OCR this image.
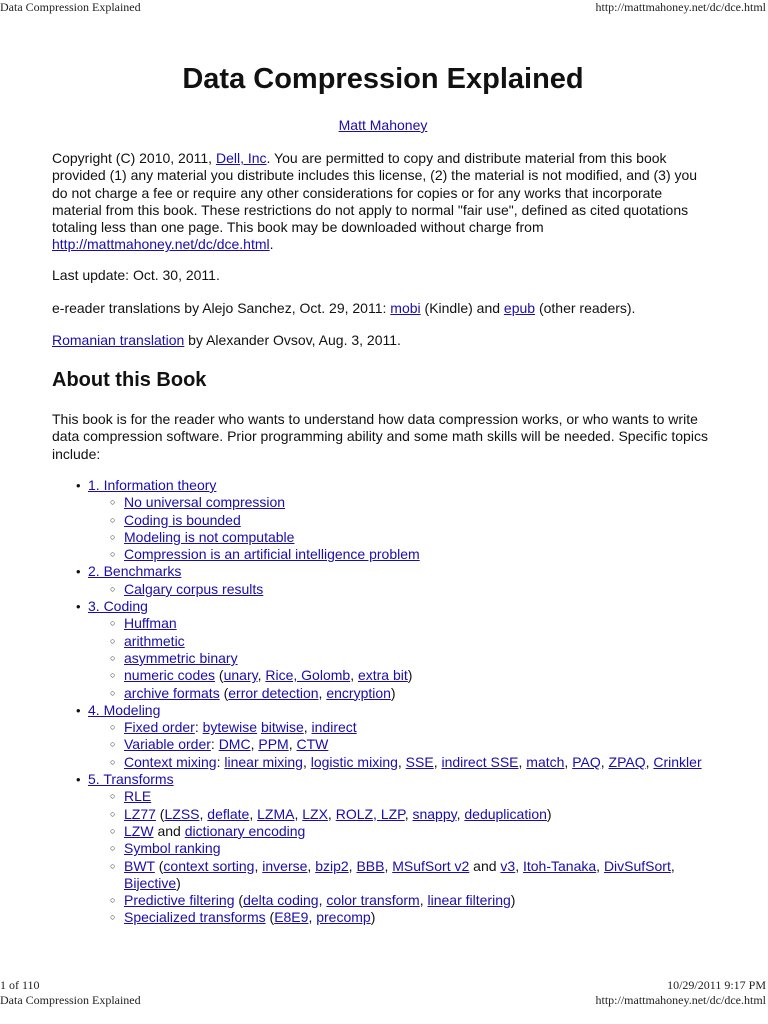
Data Compression Explained	http://mattmahoney.net/dc/dce.html
Data Compression Explained
Matt Mahoney

Copyright (C) 2010, 2011, Dell, Inc. You are permitted to copy and distribute material from this book provided (1) any material you distribute includes this license, (2) the material is not modified, and (3) you do not charge a fee or require any other considerations for copies or for any works that incorporate material from this book. These restrictions do not apply to normal "fair use", defined as cited quotations totaling less than one page. This book may be downloaded without charge from http://mattmahoney.net/dc/dce.html.

Last update: Oct. 30, 2011.

e-reader translations by Alejo Sanchez, Oct. 29, 2011: mobi (Kindle) and epub (other readers).

Romanian translation by Alexander Ovsov, Aug. 3, 2011.

About this Book

This book is for the reader who wants to understand how data compression works, or who wants to write data compression software. Prior programming ability and some math skills will be needed. Specific topics include:

• 1. Information theory
○ No universal compression
○ Coding is bounded
○ Modeling is not computable
○ Compression is an artificial intelligence problem
• 2. Benchmarks
○ Calgary corpus results
• 3. Coding
○ Huffman
○ arithmetic
○ asymmetric binary
○ numeric codes (unary, Rice, Golomb, extra bit)
○ archive formats (error detection, encryption)
• 4. Modeling
○ Fixed order: bytewise bitwise, indirect
○ Variable order: DMC, PPM, CTW
○ Context mixing: linear mixing, logistic mixing, SSE, indirect SSE, match, PAQ, ZPAQ, Crinkler
• 5. Transforms
○ RLE
○ LZ77 (LZSS, deflate, LZMA, LZX, ROLZ, LZP, snappy, deduplication)
○ LZW and dictionary encoding
○ Symbol ranking
○ BWT (context sorting, inverse, bzip2, BBB, MSufSort v2 and v3, Itoh-Tanaka, DivSufSort, Bijective)
○ Predictive filtering (delta coding, color transform, linear filtering)
○ Specialized transforms (E8E9, precomp)
1 of 110	10/29/2011 9:17 PM
Data Compression Explained	http://mattmahoney.net/dc/dce.html
